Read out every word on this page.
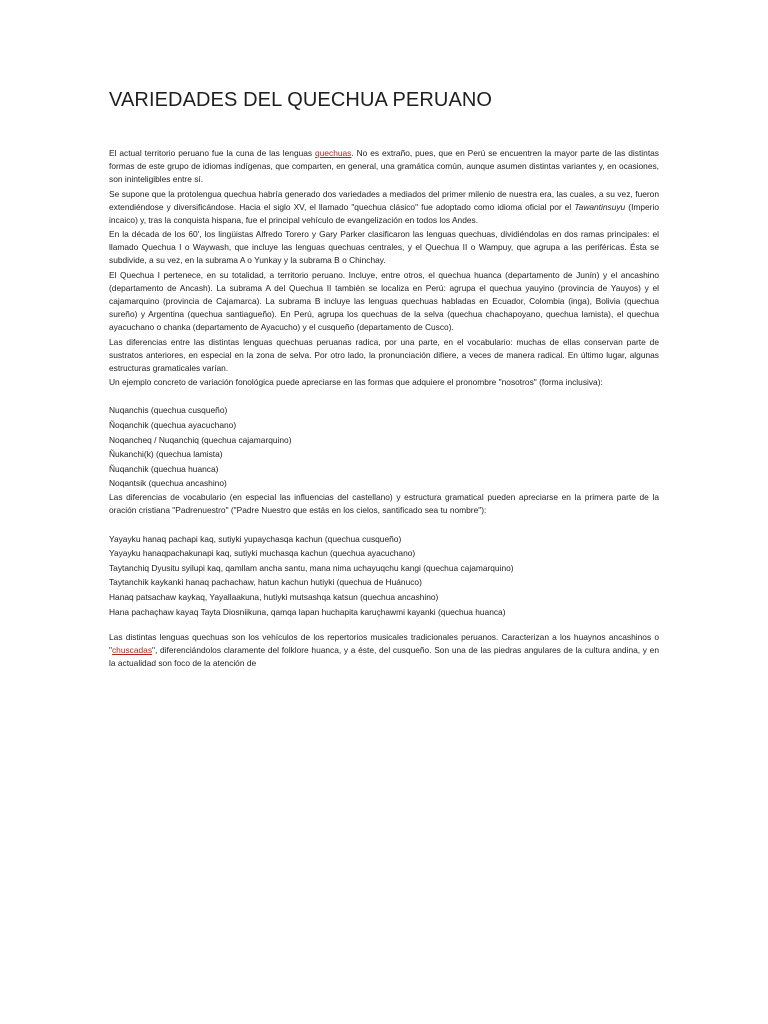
VARIEDADES DEL QUECHUA PERUANO

El actual territorio peruano fue la cuna de las lenguas quechuas. No es extraño, pues, que en Perú se encuentren la mayor parte de las distintas formas de este grupo de idiomas indígenas, que comparten, en general, una gramática común, aunque asumen distintas variantes y, en ocasiones, son ininteligibles entre sí.

Se supone que la protolengua quechua habría generado dos variedades a mediados del primer milenio de nuestra era, las cuales, a su vez, fueron extendiéndose y diversificándose. Hacia el siglo XV, el llamado "quechua clásico" fue adoptado como idioma oficial por el Tawantinsuyu (Imperio incaico) y, tras la conquista hispana, fue el principal vehículo de evangelización en todos los Andes.

En la década de los 60', los lingüistas Alfredo Torero y Gary Parker clasificaron las lenguas quechuas, dividiéndolas en dos ramas principales: el llamado Quechua I o Waywash, que incluye las lenguas quechuas centrales, y el Quechua II o Wampuy, que agrupa a las periféricas. Ésta se subdivide, a su vez, en la subrama A o Yunkay y la subrama B o Chinchay.

El Quechua I pertenece, en su totalidad, a territorio peruano. Incluye, entre otros, el quechua huanca (departamento de Junín) y el ancashino (departamento de Ancash). La subrama A del Quechua II también se localiza en Perú: agrupa el quechua yauyino (provincia de Yauyos) y el cajamarquino (provincia de Cajamarca). La subrama B incluye las lenguas quechuas habladas en Ecuador, Colombia (inga), Bolivia (quechua sureño) y Argentina (quechua santiagueño). En Perú, agrupa los quechuas de la selva (quechua chachapoyano, quechua lamista), el quechua ayacuchano o chanka (departamento de Ayacucho) y el cusqueño (departamento de Cusco).

Las diferencias entre las distintas lenguas quechuas peruanas radica, por una parte, en el vocabulario: muchas de ellas conservan parte de sustratos anteriores, en especial en la zona de selva. Por otro lado, la pronunciación difiere, a veces de manera radical. En último lugar, algunas estructuras gramaticales varían.

Un ejemplo concreto de variación fonológica puede apreciarse en las formas que adquiere el pronombre "nosotros" (forma inclusiva):

Nuqanchis (quechua cusqueño)

Ñoqanchik (quechua ayacuchano)

Noqancheq / Nuqanchiq (quechua cajamarquino)

Ñukanchi(k) (quechua lamista)

Ñuqanchik (quechua huanca)

Noqantsik (quechua ancashino)

Las diferencias de vocabulario (en especial las influencias del castellano) y estructura gramatical pueden apreciarse en la primera parte de la oración cristiana "Padrenuestro" ("Padre Nuestro que estás en los cielos, santificado sea tu nombre"):

Yayayku hanaq pachapi kaq, sutiyki yupaychasqa kachun (quechua cusqueño)

Yayayku hanaqpachakunapi kaq, sutiyki muchasqa kachun (quechua ayacuchano)

Taytanchiq Dyusitu syilupi kaq, qamllam ancha santu, mana nima uchayuqchu kangi (quechua cajamarquino)

Taytanchik kaykanki hanaq pachachaw, hatun kachun hutiyki (quechua de Huánuco)

Hanaq patsachaw kaykaq, Yayallaakuna, hutiyki mutsashqa katsun (quechua ancashino)

Hana pachaçhaw kayaq Tayta Diosniikuna, qamqa lapan huchapita karuçhawmi kayanki (quechua huanca)

Las distintas lenguas quechuas son los vehículos de los repertorios musicales tradicionales peruanos. Caracterizan a los huaynos ancashinos o "chuscadas", diferenciándolos claramente del folklore huanca, y a éste, del cusqueño. Son una de las piedras angulares de la cultura andina, y en la actualidad son foco de la atención de
